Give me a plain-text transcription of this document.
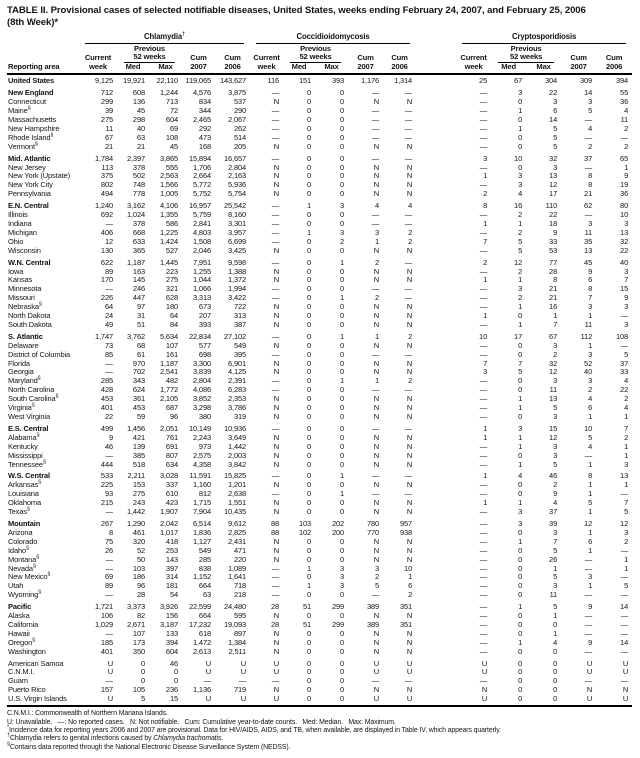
TABLE II. Provisional cases of selected notifiable diseases, United States, weeks ending February 24, 2007, and February 25, 2006
(8th Week)*

	Chlamydia†					Coccidioidomycosis					Cryptosporidiosis				

		Previous					Previous					Previous			
	Current	52 weeks		Cum	Cum	Current	52 weeks		Cum	Cum	Current	52 weeks		Cum	Cum
Reporting area	week	Med	Max	2007	2006	week	Med	Max	2007	2006	week	Med	Max	2007	2006
United States	9,125	19,921	22,110	119,065	143,627	116	151	393	1,176	1,314	25	67	304	309	394
New England	712	608	1,244	4,576	3,875	—	0	0	—	—	—	3	22	14	55
Connecticut	299	136	713	834	537	N	0	0	N	N	—	0	3	3	36
Maine§	39	45	72	344	290	—	0	0	—	—	—	1	6	5	4
Massachusetts	275	298	604	2,465	2,067	—	0	0	—	—	—	0	14	—	11
New Hampshire	11	40	69	292	262	—	0	0	—	—	—	1	5	4	2
Rhode Island§	67	63	108	473	514	—	0	0	—	—	—	0	5	—	—
Vermont§	21	21	45	168	205	N	0	0	N	N	—	0	5	2	2
Mid. Atlantic	1,784	2,397	3,865	15,894	16,657	—	0	0	—	—	3	10	32	37	65
New Jersey	113	378	555	1,706	2,804	N	0	0	N	N	—	0	3	—	1
New York (Upstate)	375	502	2,563	2,664	2,163	N	0	0	N	N	1	3	13	8	9
New York City	802	748	1,566	5,772	5,936	N	0	0	N	N	—	3	12	8	19
Pennsylvania	494	778	1,005	5,752	5,754	N	0	0	N	N	2	4	17	21	36
E.N. Central	1,240	3,162	4,106	16,957	25,542	—	1	3	4	4	8	16	110	62	80
Illinois	692	1,024	1,355	5,759	8,160	—	0	0	—	—	—	2	22	—	10
Indiana	—	378	586	2,841	3,301	—	0	0	—	—	1	1	18	3	3
Michigan	406	668	1,225	4,803	3,957	—	1	3	3	2	—	2	9	11	13
Ohio	12	633	1,424	1,508	6,699	—	0	2	1	2	7	5	33	35	32
Wisconsin	130	365	527	2,046	3,425	N	0	0	N	N	—	5	53	13	22
W.N. Central	622	1,187	1,445	7,951	9,598	—	0	1	2	—	2	12	77	45	40
Iowa	89	163	223	1,255	1,388	N	0	0	N	N	—	2	28	9	3
Kansas	170	145	275	1,044	1,372	N	0	0	N	N	1	1	8	6	7
Minnesota	—	246	321	1,066	1,994	—	0	0	—	—	—	3	21	8	15
Missouri	226	447	628	3,313	3,422	—	0	1	2	—	—	2	21	7	9
Nebraska§	64	97	180	673	722	N	0	0	N	N	—	1	16	3	3
North Dakota	24	31	64	207	313	N	0	0	N	N	1	0	1	1	—
South Dakota	49	51	84	393	387	N	0	0	N	N	—	1	7	11	3
S. Atlantic	1,747	3,762	5,634	22,834	27,102	—	0	1	1	2	10	17	67	112	108
Delaware	73	68	107	577	549	N	0	0	N	N	—	0	3	1	—
District of Columbia	85	61	161	698	395	—	0	0	—	—	—	0	2	3	5
Florida	—	970	1,187	3,300	6,901	N	0	0	N	N	7	7	32	52	37
Georgia	—	702	2,541	3,839	4,125	N	0	0	N	N	3	5	12	40	33
Maryland§	285	343	482	2,804	2,391	—	0	1	1	2	—	0	3	3	4
North Carolina	428	624	1,772	4,086	6,283	—	0	0	—	—	—	0	11	2	22
South Carolina§	453	361	2,105	3,852	2,353	N	0	0	N	N	—	1	13	4	2
Virginia§	401	453	687	3,298	3,786	N	0	0	N	N	—	1	5	6	4
West Virginia	22	59	96	380	319	N	0	0	N	N	—	0	3	1	1
E.S. Central	499	1,456	2,051	10,149	10,936	—	0	0	—	—	1	3	15	10	7
Alabama§	9	421	761	2,243	3,649	N	0	0	N	N	1	1	12	5	2
Kentucky	46	139	691	973	1,442	N	0	0	N	N	—	1	3	4	1
Mississippi	—	385	807	2,575	2,003	N	0	0	N	N	—	0	3	—	1
Tennessee§	444	518	634	4,358	3,842	N	0	0	N	N	—	1	5	1	3
W.S. Central	533	2,211	3,028	11,591	15,825	—	0	1	—	—	1	4	46	8	13
Arkansas§	225	153	337	1,160	1,201	N	0	0	N	N	—	0	2	1	1
Louisiana	93	275	610	812	2,638	—	0	1	—	—	—	0	9	1	—
Oklahoma	215	243	423	1,715	1,551	N	0	0	N	N	1	1	4	5	7
Texas§	—	1,442	1,907	7,904	10,435	N	0	0	N	N	—	3	37	1	5
Mountain	267	1,290	2,042	6,514	9,612	88	103	202	780	957	—	3	39	12	12
Arizona	8	461	1,017	1,836	2,825	88	102	200	770	938	—	0	3	1	3
Colorado	75	320	418	1,127	2,431	N	0	0	N	N	—	1	7	6	2
Idaho§	26	52	253	549	471	N	0	0	N	N	—	0	5	1	—
Montana§	—	50	143	285	220	N	0	0	N	N	—	0	26	—	1
Nevada§	—	103	397	838	1,089	—	1	3	3	10	—	0	1	—	1
New Mexico§	69	186	314	1,152	1,641	—	0	3	2	1	—	0	5	3	—
Utah	89	96	181	664	718	—	1	3	5	6	—	0	3	1	5
Wyoming§	—	28	54	63	218	—	0	0	—	2	—	0	11	—	—
Pacific	1,721	3,373	3,926	22,599	24,480	28	51	299	389	351	—	1	5	9	14
Alaska	106	82	156	664	595	N	0	0	N	N	—	0	1	—	—
California	1,029	2,671	3,187	17,232	19,093	28	51	299	389	351	—	0	0	—	—
Hawaii	—	107	133	618	897	N	0	0	N	N	—	0	1	—	—
Oregon§	185	173	394	1,472	1,384	N	0	0	N	N	—	1	4	9	14
Washington	401	350	604	2,613	2,511	N	0	0	N	N	—	0	0	—	—
American Samoa	U	0	46	U	U	U	0	0	U	U	U	0	0	U	U
C.N.M.I.	U	0	0	U	U	U	0	0	U	U	U	0	0	U	U
Guam	—	0	0	—	—	—	0	0	—	—	—	0	0	—	—
Puerto Rico	157	105	236	1,136	719	N	0	0	N	N	N	0	0	N	N
U.S. Virgin Islands	U	5	15	U	U	U	0	0	U	U	U	0	0	U	U
C.N.M.I.: Commonwealth of Northern Mariana Islands.
U: Unavailable.   —: No reported cases.   N: Not notifiable.   Cum: Cumulative year-to-date counts.   Med: Median.   Max: Maximum.
*Incidence data for reporting years 2006 and 2007 are provisional. Data for HIV/AIDS, AIDS, and TB, when available, are displayed in Table IV, which appears quarterly.
†Chlamydia refers to genital infections caused by Chlamydia trachomatis.
§Contains data reported through the National Electronic Disease Surveillance System (NEDSS).
